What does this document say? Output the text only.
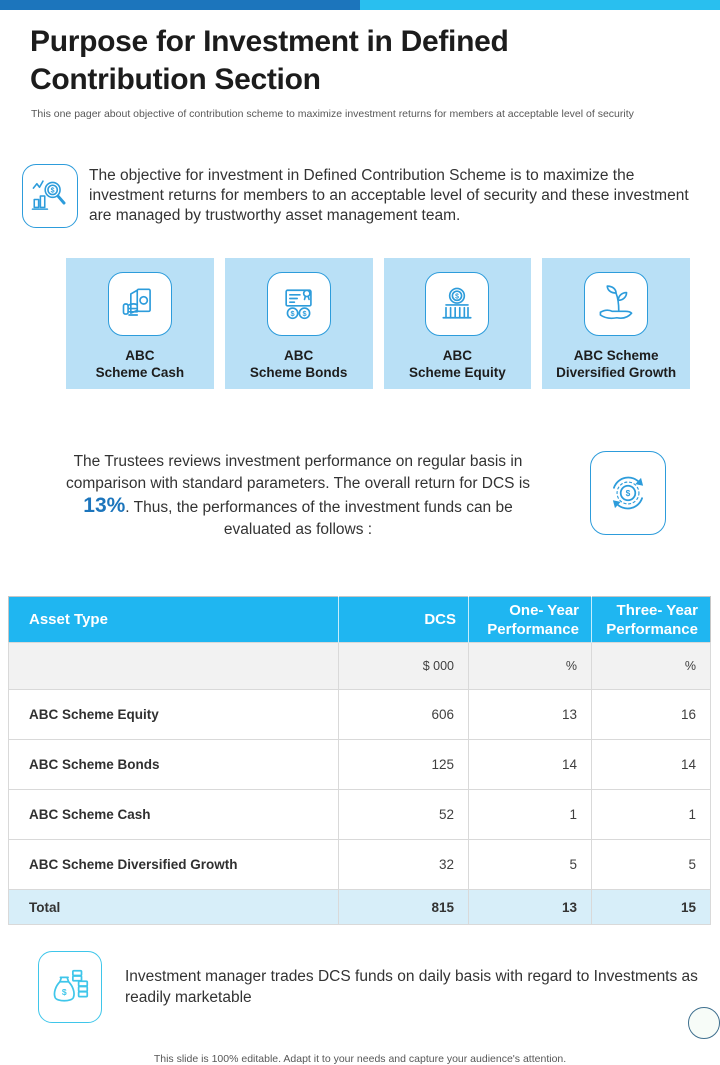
Purpose for Investment in Defined Contribution Section
This one pager about objective of contribution scheme to maximize investment returns for members at acceptable level of security
$
The objective for investment in Defined Contribution Scheme is to maximize the investment returns for members to an acceptable level of security and these investment are managed by trustworthy asset management team.
ABC
Scheme Cash
$ $
ABC
Scheme Bonds
$
ABC
Scheme Equity
ABC Scheme
Diversified Growth
The Trustees reviews investment performance on regular basis in comparison with standard parameters. The overall return for DCS is 13%. Thus, the performances of the investment funds can be evaluated as follows :
$
Asset Type	DCS	One- Year Performance	Three- Year Performance
	$ 000	%	%
ABC Scheme Equity	606	13	16
ABC Scheme Bonds	125	14	14
ABC Scheme Cash	52	1	1
ABC Scheme Diversified Growth	32	5	5
Total	815	13	15
$
Investment manager trades DCS funds on daily basis with regard to Investments as readily marketable
This slide is 100% editable. Adapt it to your needs and capture your audience's attention.
